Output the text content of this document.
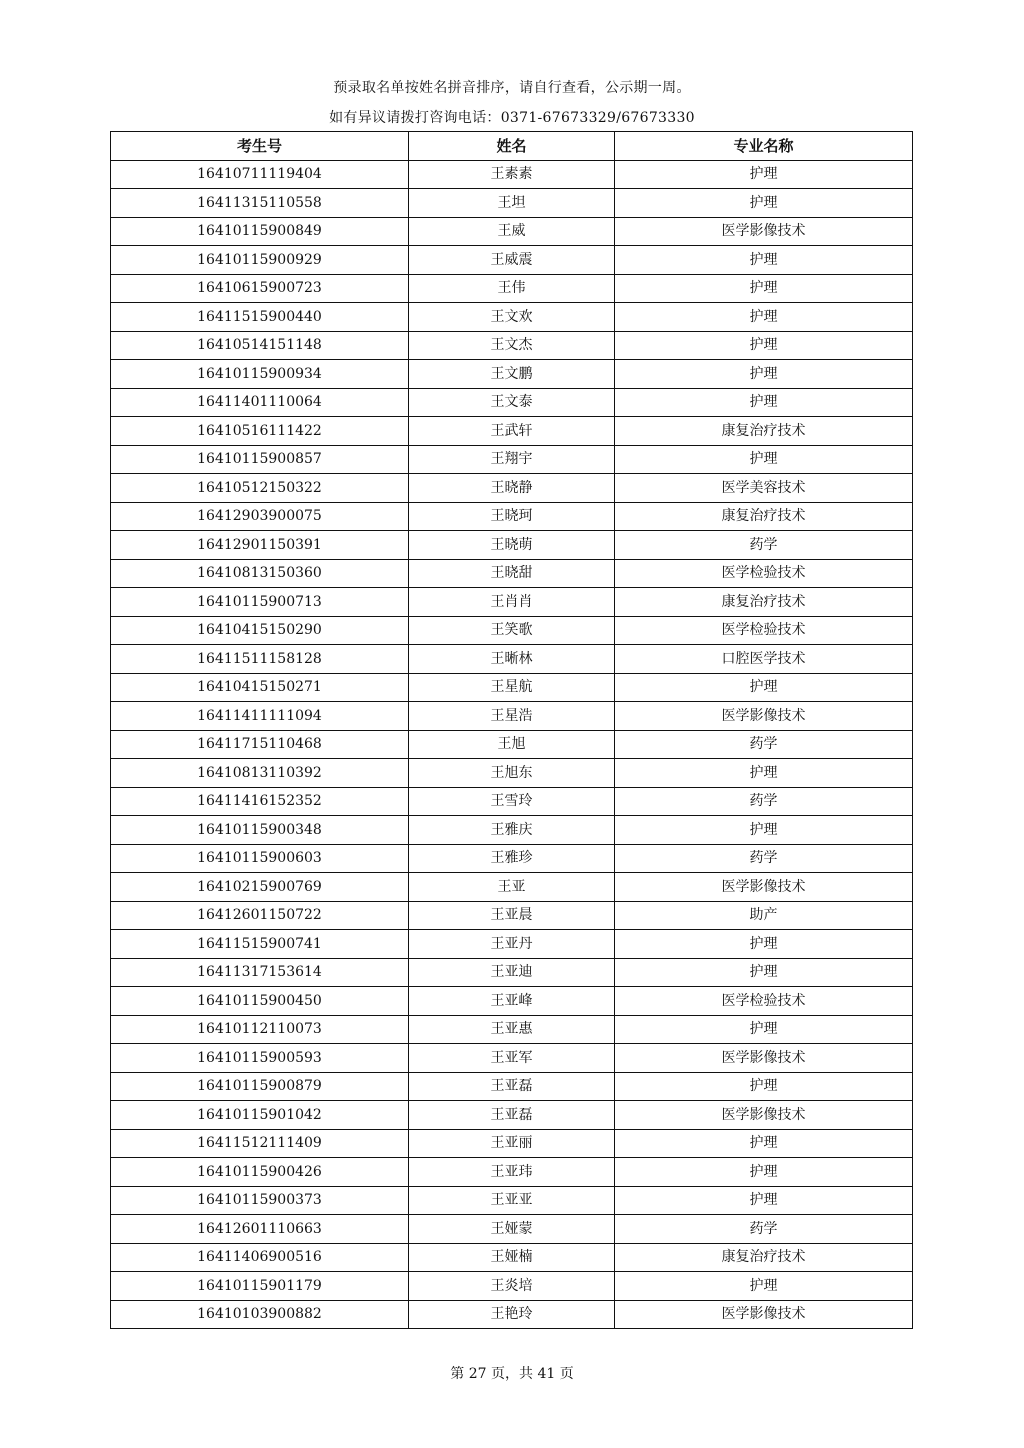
预录取名单按姓名拼音排序，请自行查看，公示期一周。
如有异议请拨打咨询电话：0371-67673329/67673330
考生号	姓名	专业名称
16410711119404	王素素	护理
16411315110558	王坦	护理
16410115900849	王威	医学影像技术
16410115900929	王威震	护理
16410615900723	王伟	护理
16411515900440	王文欢	护理
16410514151148	王文杰	护理
16410115900934	王文鹏	护理
16411401110064	王文泰	护理
16410516111422	王武轩	康复治疗技术
16410115900857	王翔宇	护理
16410512150322	王晓静	医学美容技术
16412903900075	王晓珂	康复治疗技术
16412901150391	王晓萌	药学
16410813150360	王晓甜	医学检验技术
16410115900713	王肖肖	康复治疗技术
16410415150290	王笑歌	医学检验技术
16411511158128	王晰林	口腔医学技术
16410415150271	王星航	护理
16411411111094	王星浩	医学影像技术
16411715110468	王旭	药学
16410813110392	王旭东	护理
16411416152352	王雪玲	药学
16410115900348	王雅庆	护理
16410115900603	王雅珍	药学
16410215900769	王亚	医学影像技术
16412601150722	王亚晨	助产
16411515900741	王亚丹	护理
16411317153614	王亚迪	护理
16410115900450	王亚峰	医学检验技术
16410112110073	王亚惠	护理
16410115900593	王亚军	医学影像技术
16410115900879	王亚磊	护理
16410115901042	王亚磊	医学影像技术
16411512111409	王亚丽	护理
16410115900426	王亚玮	护理
16410115900373	王亚亚	护理
16412601110663	王娅蒙	药学
16411406900516	王娅楠	康复治疗技术
16410115901179	王炎培	护理
16410103900882	王艳玲	医学影像技术
第 27 页，共 41 页
